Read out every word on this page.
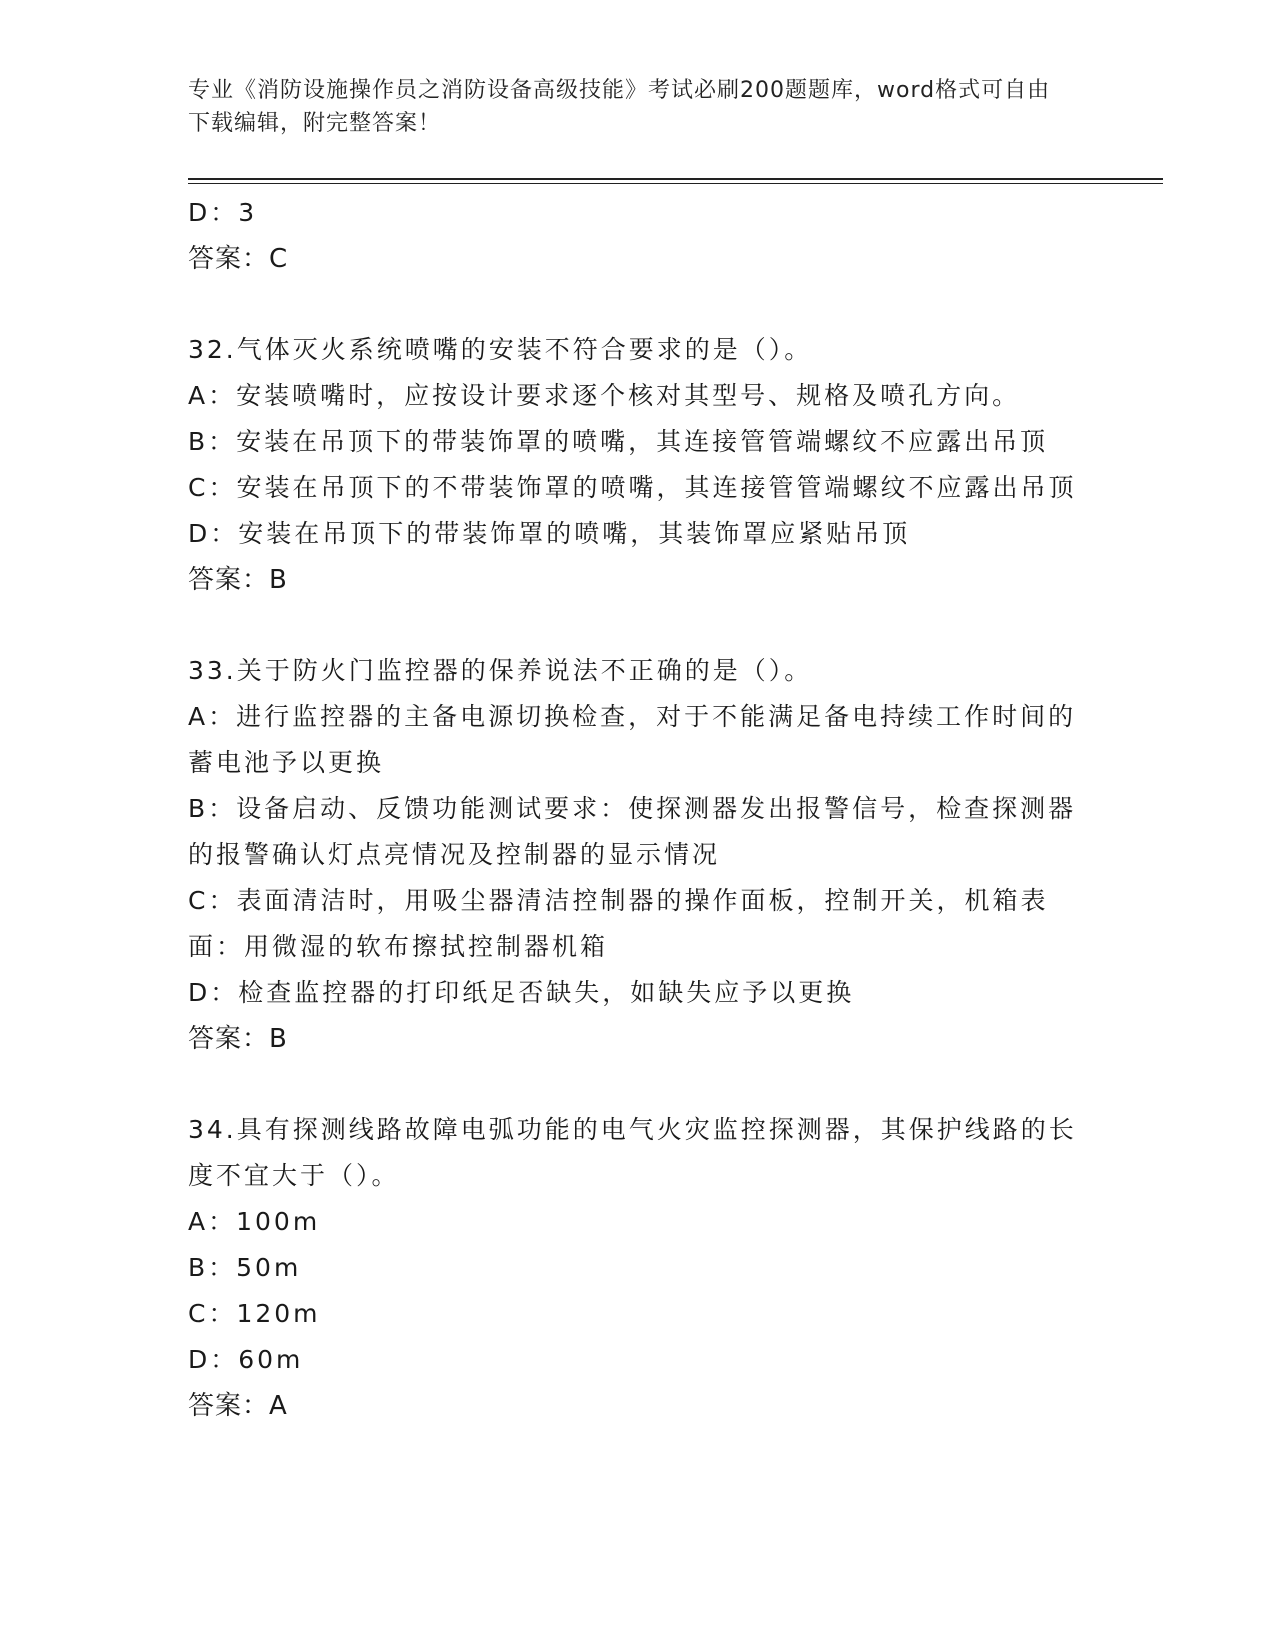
专业《消防设施操作员之消防设备高级技能》考试必刷200题题库，word格式可自由下载编辑，附完整答案！
D：3
答案：C
32.气体灭火系统喷嘴的安装不符合要求的是（）。
A：安装喷嘴时，应按设计要求逐个核对其型号、规格及喷孔方向。
B：安装在吊顶下的带装饰罩的喷嘴，其连接管管端螺纹不应露出吊顶
C：安装在吊顶下的不带装饰罩的喷嘴，其连接管管端螺纹不应露出吊顶
D：安装在吊顶下的带装饰罩的喷嘴，其装饰罩应紧贴吊顶
答案：B
33.关于防火门监控器的保养说法不正确的是（）。
A：进行监控器的主备电源切换检查，对于不能满足备电持续工作时间的蓄电池予以更换
B：设备启动、反馈功能测试要求：使探测器发出报警信号，检查探测器的报警确认灯点亮情况及控制器的显示情况
C：表面清洁时，用吸尘器清洁控制器的操作面板，控制开关，机箱表面：用微湿的软布擦拭控制器机箱
D：检查监控器的打印纸足否缺失，如缺失应予以更换
答案：B
34.具有探测线路故障电弧功能的电气火灾监控探测器，其保护线路的长度不宜大于（）。
A：100m
B：50m
C：120m
D：60m
答案：A
